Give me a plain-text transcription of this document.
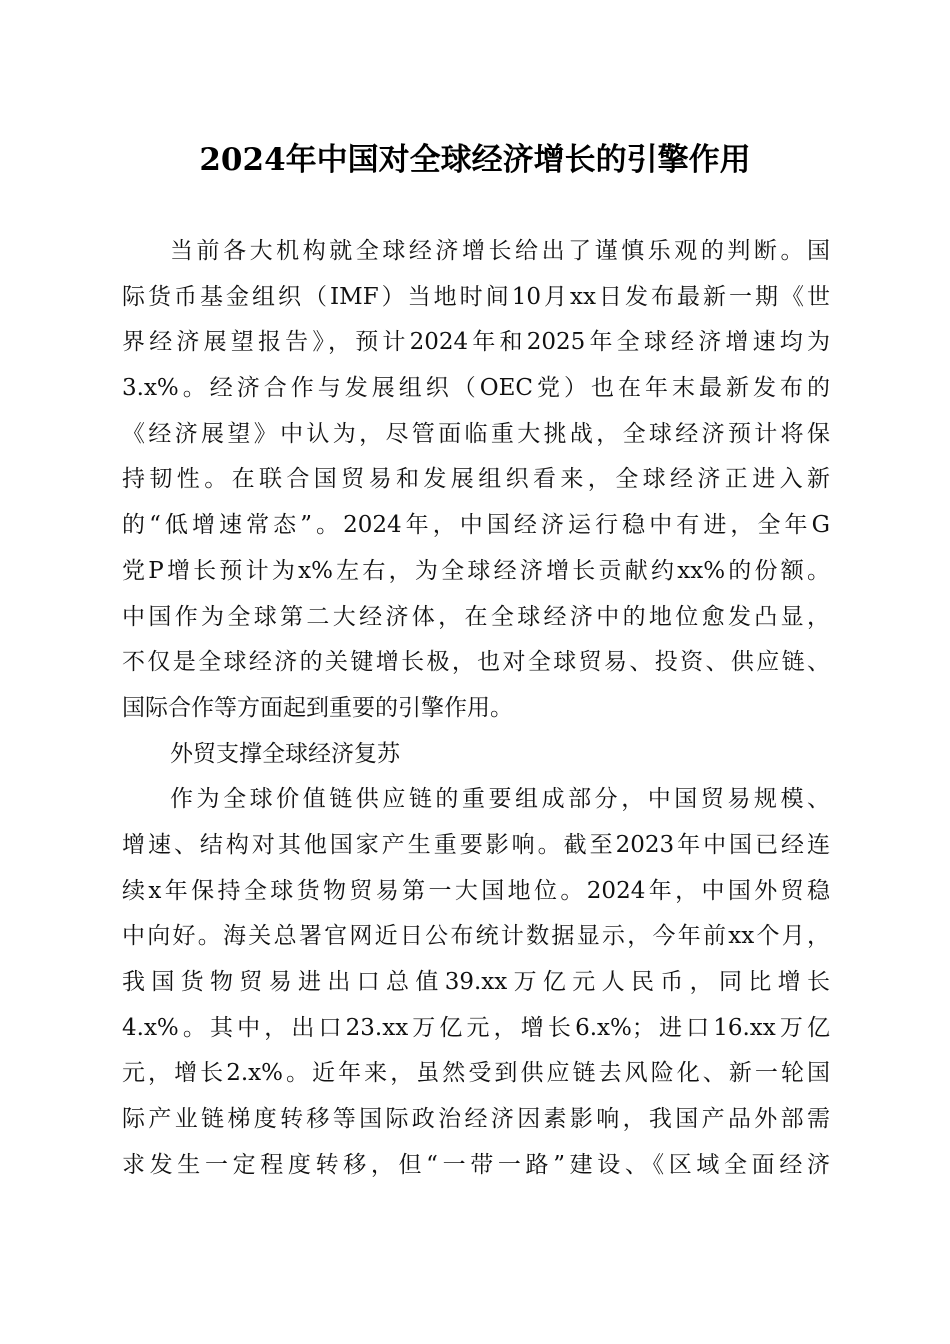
2024年中国对全球经济增长的引擎作用
当前各大机构就全球经济增长给出了谨慎乐观的判断。国
际货币基金组织（IMF）当地时间10月xx日发布最新一期《世
界经济展望报告》，预计2024年和2025年全球经济增速均为
3.x%。经济合作与发展组织（OEC党）也在年末最新发布的
《经济展望》中认为，尽管面临重大挑战，全球经济预计将保
持韧性。在联合国贸易和发展组织看来，全球经济正进入新
的“低增速常态”。2024年，中国经济运行稳中有进，全年G
党P增长预计为x%左右，为全球经济增长贡献约xx%的份额。
中国作为全球第二大经济体，在全球经济中的地位愈发凸显，
不仅是全球经济的关键增长极，也对全球贸易、投资、供应链、
国际合作等方面起到重要的引擎作用。
外贸支撑全球经济复苏
作为全球价值链供应链的重要组成部分，中国贸易规模、
增速、结构对其他国家产生重要影响。截至2023年中国已经连
续x年保持全球货物贸易第一大国地位。2024年，中国外贸稳
中向好。海关总署官网近日公布统计数据显示，今年前xx个月，
我国货物贸易进出口总值39.xx万亿元人民币，同比增长
4.x%。其中，出口23.xx万亿元，增长6.x%；进口16.xx万亿
元，增长2.x%。近年来，虽然受到供应链去风险化、新一轮国
际产业链梯度转移等国际政治经济因素影响，我国产品外部需
求发生一定程度转移，但“一带一路”建设、《区域全面经济
